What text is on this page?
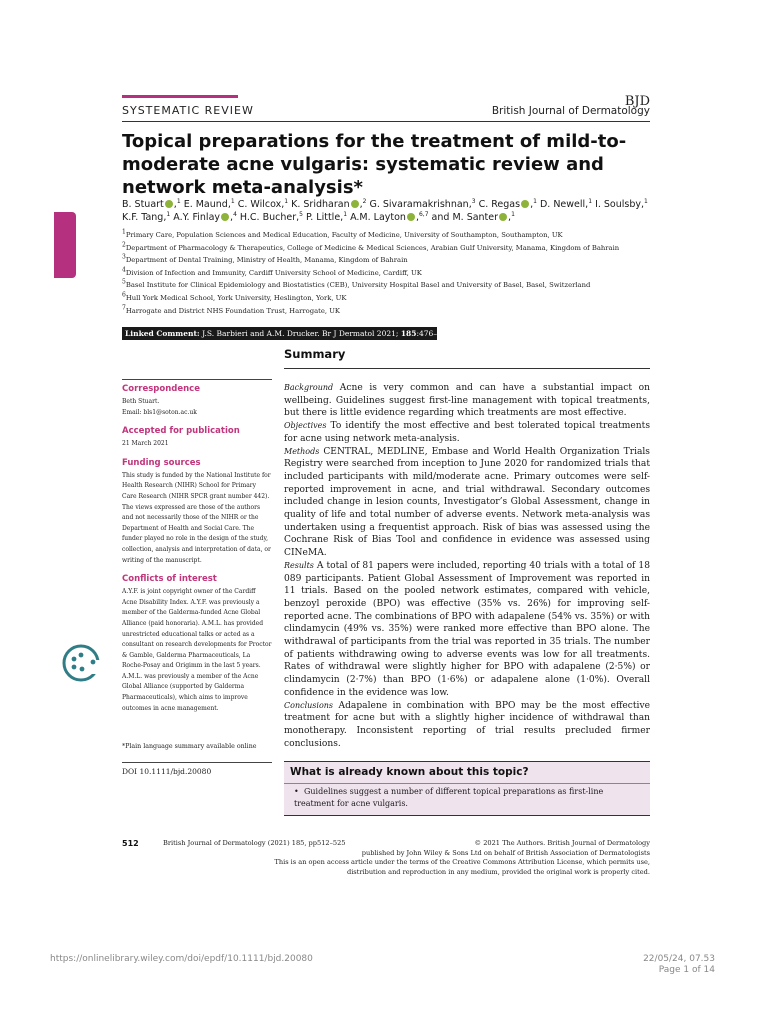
SYSTEMATIC REVIEW
BJD
British Journal of Dermatology
Topical preparations for the treatment of mild-to-moderate acne vulgaris: systematic review and network meta-analysis*
B. Stuart ,$^1$ E. Maund,$^1$ C. Wilcox,$^1$ K. Sridharan ,$^2$ G. Sivaramakrishnan,$^3$ C. Regas ,$^1$ D. Newell,$^1$ I. Soulsby,$^1$ K.F. Tang,$^1$ A.Y. Finlay ,$^4$ H.C. Bucher,$^5$ P. Little,$^1$ A.M. Layton ,$^{6,7}$ and M. Santer ,$^1$
$^1$Primary Care, Population Sciences and Medical Education, Faculty of Medicine, University of Southampton, Southampton, UK
$^2$Department of Pharmacology & Therapeutics, College of Medicine & Medical Sciences, Arabian Gulf University, Manama, Kingdom of Bahrain
$^3$Department of Dental Training, Ministry of Health, Manama, Kingdom of Bahrain
$^4$Division of Infection and Immunity, Cardiff University School of Medicine, Cardiff, UK
$^5$Basel Institute for Clinical Epidemiology and Biostatistics (CEB), University Hospital Basel and University of Basel, Basel, Switzerland
$^6$Hull York Medical School, York University, Heslington, York, UK
$^7$Harrogate and District NHS Foundation Trust, Harrogate, UK
Linked Comment: J.S. Barbieri and A.M. Drucker. Br J Dermatol 2021; 185:476–477.
Summary

Correspondence

Beth Stuart.

Email: bls1@soton.ac.uk

Accepted for publication

21 March 2021

Funding sources

This study is funded by the National Institute for Health Research (NIHR) School for Primary Care Research (NIHR SPCR grant number 442). The views expressed are those of the authors and not necessarily those of the NIHR or the Department of Health and Social Care. The funder played no role in the design of the study, collection, analysis and interpretation of data, or writing of the manuscript.

Conflicts of interest

A.Y.F. is joint copyright owner of the Cardiff Acne Disability Index. A.Y.F. was previously a member of the Galderma-funded Acne Global Alliance (paid honoraria). A.M.L. has provided unrestricted educational talks or acted as a consultant on research developments for Proctor & Gamble, Galderma Pharmaceuticals, La Roche-Posay and Origimm in the last 5 years. A.M.L. was previously a member of the Acne Global Alliance (supported by Galderma Pharmaceuticals), which aims to improve outcomes in acne management.

*Plain language summary available online
DOI 10.1111/bjd.20080

Background Acne is very common and can have a substantial impact on wellbeing. Guidelines suggest first-line management with topical treatments, but there is little evidence regarding which treatments are most effective.

Objectives To identify the most effective and best tolerated topical treatments for acne using network meta-analysis.

Methods CENTRAL, MEDLINE, Embase and World Health Organization Trials Registry were searched from inception to June 2020 for randomized trials that included participants with mild/moderate acne. Primary outcomes were self-reported improvement in acne, and trial withdrawal. Secondary outcomes included change in lesion counts, Investigator’s Global Assessment, change in quality of life and total number of adverse events. Network meta-analysis was undertaken using a frequentist approach. Risk of bias was assessed using the Cochrane Risk of Bias Tool and confidence in evidence was assessed using CINeMA.

Results A total of 81 papers were included, reporting 40 trials with a total of 18 089 participants. Patient Global Assessment of Improvement was reported in 11 trials. Based on the pooled network estimates, compared with vehicle, benzoyl peroxide (BPO) was effective (35% vs. 26%) for improving self-reported acne. The combinations of BPO with adapalene (54% vs. 35%) or with clindamycin (49% vs. 35%) were ranked more effective than BPO alone. The withdrawal of participants from the trial was reported in 35 trials. The number of patients withdrawing owing to adverse events was low for all treatments. Rates of withdrawal were slightly higher for BPO with adapalene (2·5%) or clindamycin (2·7%) than BPO (1·6%) or adapalene alone (1·0%). Overall confidence in the evidence was low.

Conclusions Adapalene in combination with BPO may be the most effective treatment for acne but with a slightly higher incidence of withdrawal than monotherapy. Inconsistent reporting of trial results precluded firmer conclusions.

What is already known about this topic?
• Guidelines suggest a number of different topical preparations as first-line treatment for acne vulgaris.
512	British Journal of Dermatology (2021) 185, pp512–525	© 2021 The Authors. British Journal of Dermatology
published by John Wiley & Sons Ltd on behalf of British Association of Dermatologists
This is an open access article under the terms of the Creative Commons Attribution License, which permits use,
distribution and reproduction in any medium, provided the original work is properly cited.
https://onlinelibrary.wiley.com/doi/epdf/10.1111/bjd.20080	22/05/24, 07.53
Page 1 of 14
